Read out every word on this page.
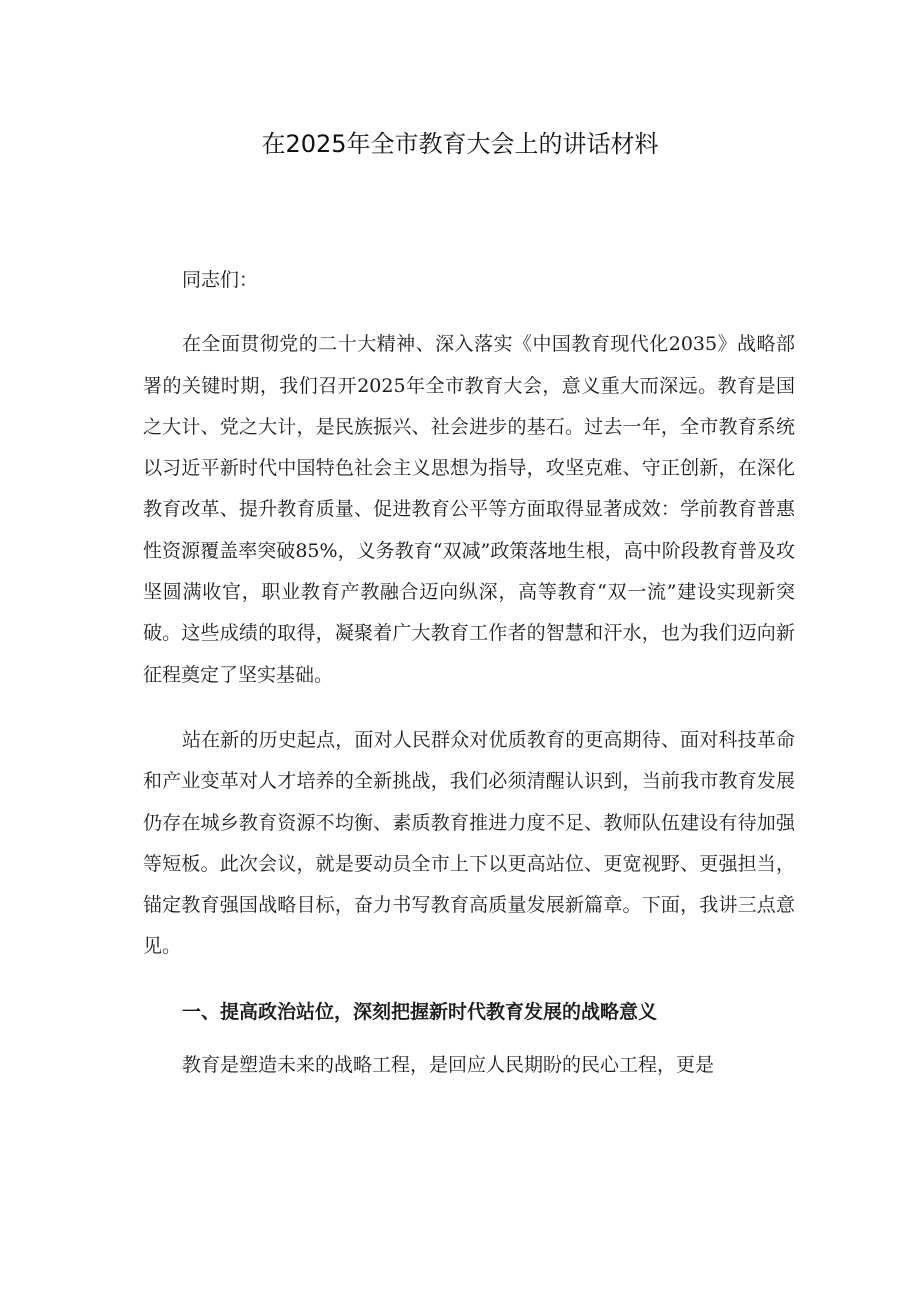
在2025年全市教育大会上的讲话材料

同志们：

在全面贯彻党的二十大精神、深入落实《中国教育现代化2035》战略部署的关键时期，我们召开2025年全市教育大会，意义重大而深远。教育是国之大计、党之大计，是民族振兴、社会进步的基石。过去一年，全市教育系统以习近平新时代中国特色社会主义思想为指导，攻坚克难、守正创新，在深化教育改革、提升教育质量、促进教育公平等方面取得显著成效：学前教育普惠性资源覆盖率突破85%，义务教育“双减”政策落地生根，高中阶段教育普及攻坚圆满收官，职业教育产教融合迈向纵深，高等教育“双一流”建设实现新突破。这些成绩的取得，凝聚着广大教育工作者的智慧和汗水，也为我们迈向新征程奠定了坚实基础。

站在新的历史起点，面对人民群众对优质教育的更高期待、面对科技革命和产业变革对人才培养的全新挑战，我们必须清醒认识到，当前我市教育发展仍存在城乡教育资源不均衡、素质教育推进力度不足、教师队伍建设有待加强等短板。此次会议，就是要动员全市上下以更高站位、更宽视野、更强担当，锚定教育强国战略目标，奋力书写教育高质量发展新篇章。下面，我讲三点意见。

一、提高政治站位，深刻把握新时代教育发展的战略意义

教育是塑造未来的战略工程，是回应人民期盼的民心工程，更是
